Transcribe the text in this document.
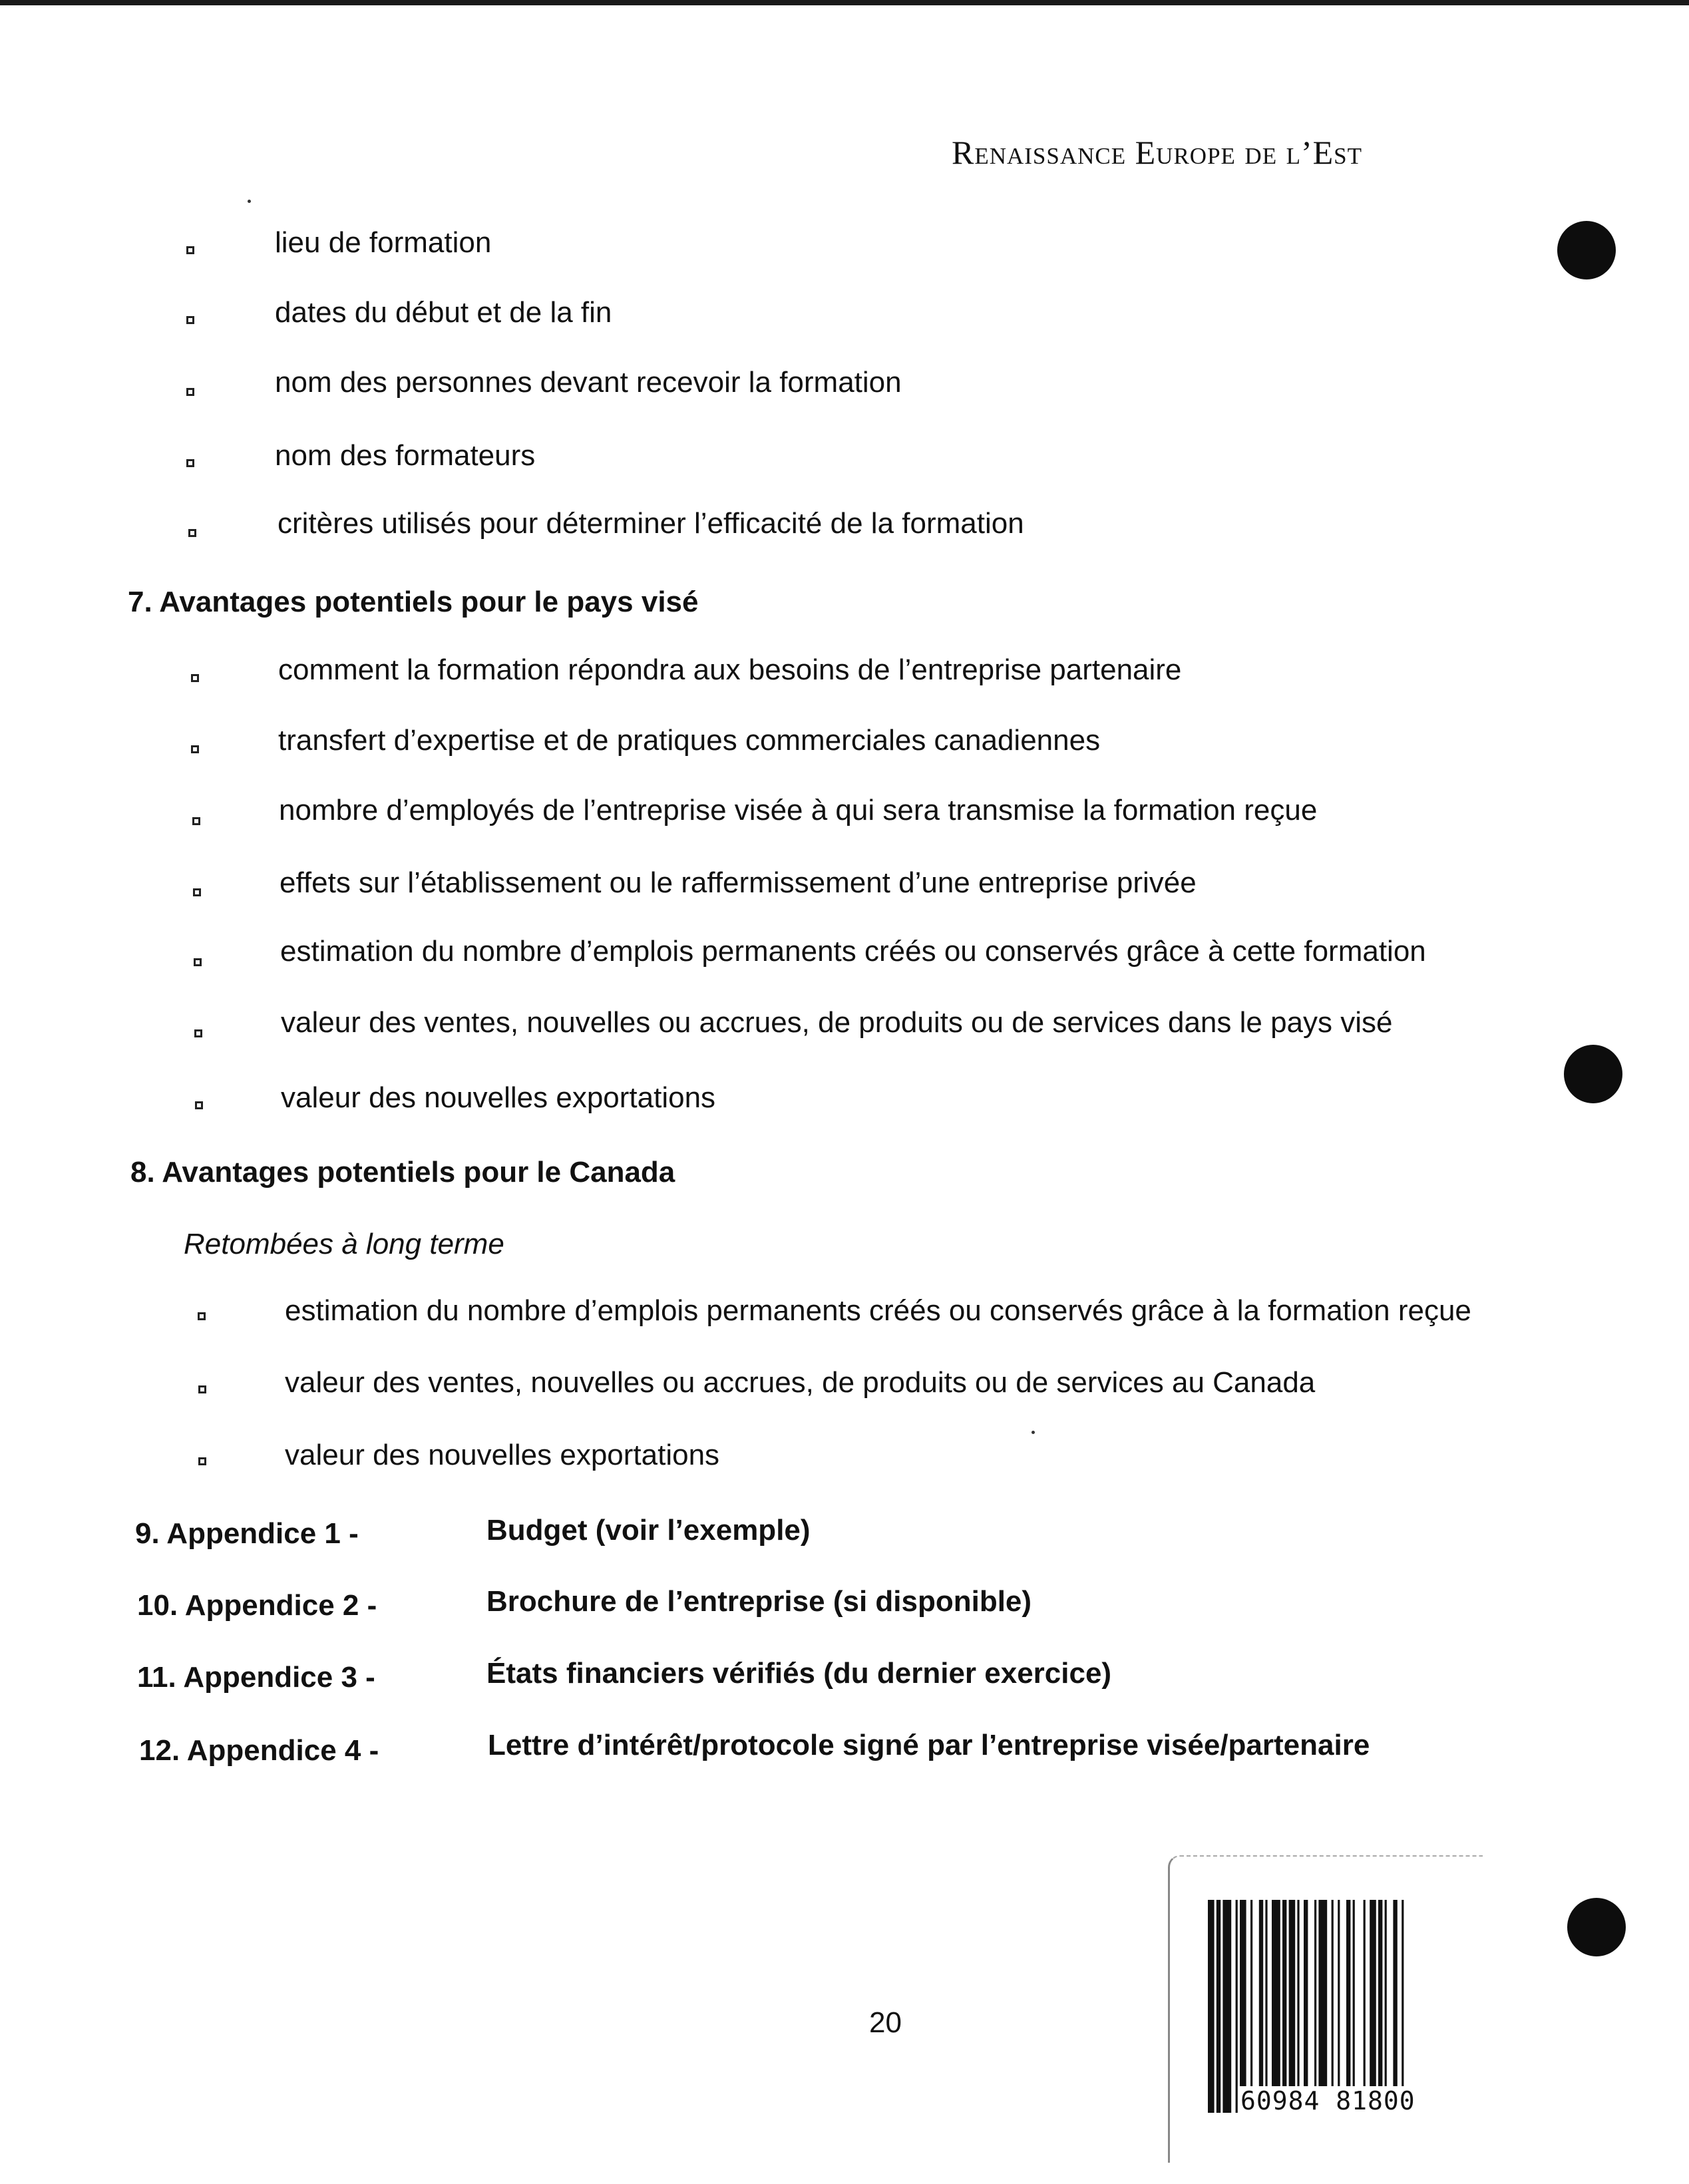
Renaissance Europe de l’Est
lieu de formation
dates du début et de la fin
nom des personnes devant recevoir la formation
nom des formateurs
critères utilisés pour déterminer l’efficacité de la formation
7. Avantages potentiels pour le pays visé
comment la formation répondra aux besoins de l’entreprise partenaire
transfert d’expertise et de pratiques commerciales canadiennes
nombre d’employés de l’entreprise visée à qui sera transmise la formation reçue
effets sur l’établissement ou le raffermissement d’une entreprise privée
estimation du nombre d’emplois permanents créés ou conservés grâce à cette formation
valeur des ventes, nouvelles ou accrues, de produits ou de services dans le pays visé
valeur des nouvelles exportations
8. Avantages potentiels pour le Canada
Retombées à long terme
estimation du nombre d’emplois permanents créés ou conservés grâce à la formation reçue
valeur des ventes, nouvelles ou accrues, de produits ou de services au Canada
valeur des nouvelles exportations
9. Appendice 1 -	Budget (voir l’exemple)
10. Appendice 2 -	Brochure de l’entreprise (si disponible)
11. Appendice 3 -	États financiers vérifiés (du dernier exercice)
12. Appendice 4 -	Lettre d’intérêt/protocole signé par l’entreprise visée/partenaire
20
60984 81800
